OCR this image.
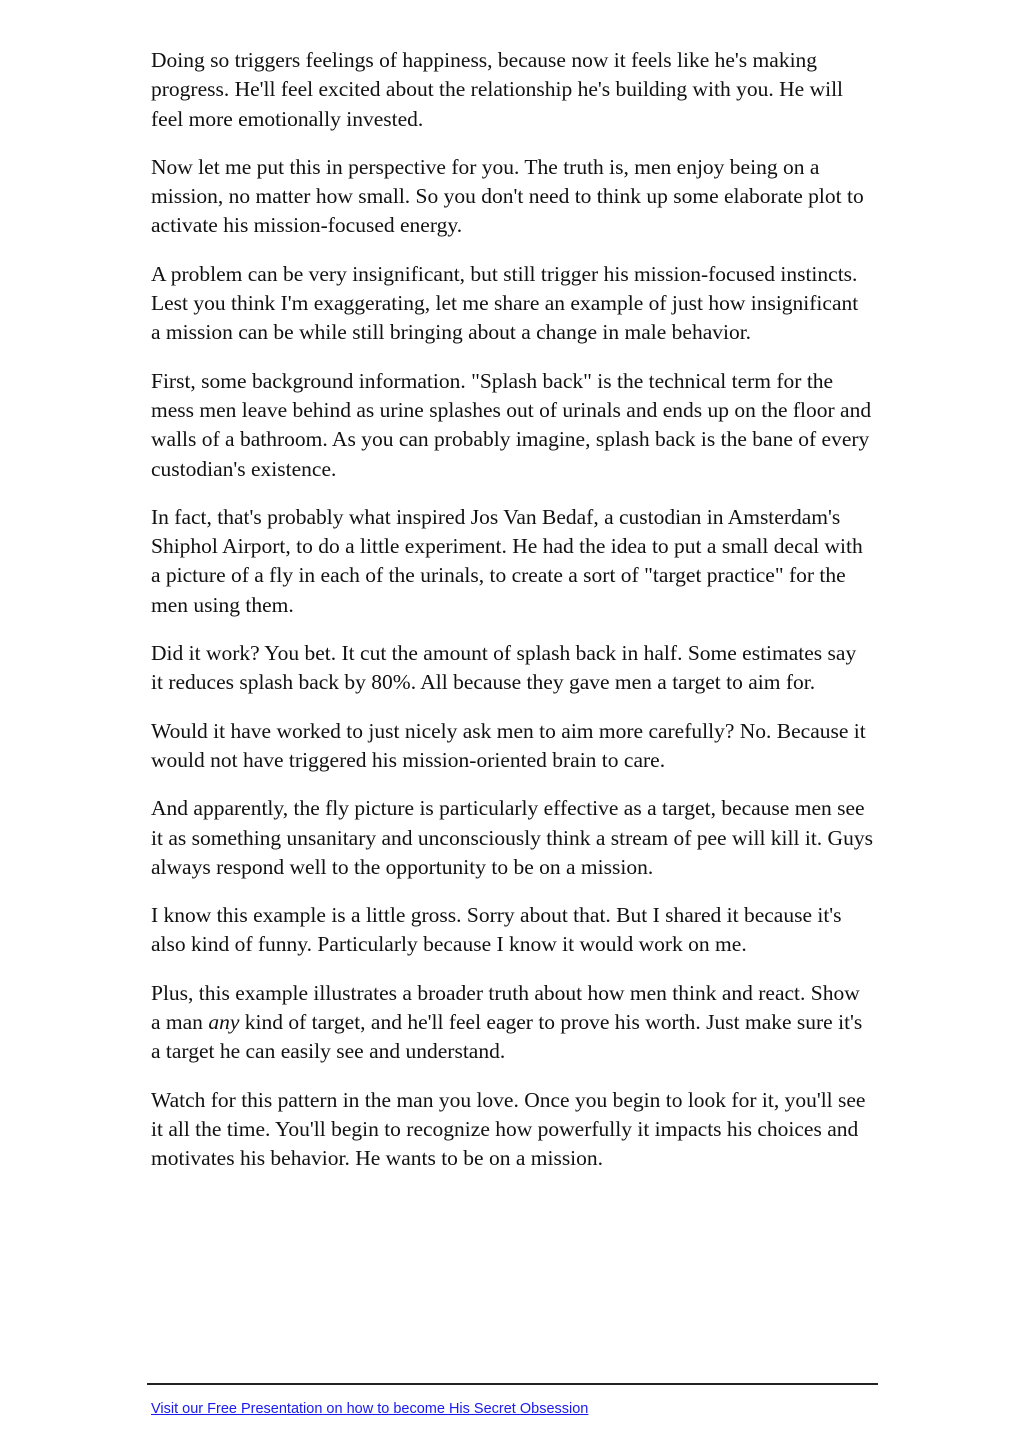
Doing so triggers feelings of happiness, because now it feels like he's making progress. He'll feel excited about the relationship he's building with you. He will feel more emotionally invested.

Now let me put this in perspective for you. The truth is, men enjoy being on a mission, no matter how small. So you don't need to think up some elaborate plot to activate his mission-focused energy.

A problem can be very insignificant, but still trigger his mission-focused instincts. Lest you think I'm exaggerating, let me share an example of just how insignificant a mission can be while still bringing about a change in male behavior.

First, some background information. "Splash back" is the technical term for the mess men leave behind as urine splashes out of urinals and ends up on the floor and walls of a bathroom. As you can probably imagine, splash back is the bane of every custodian's existence.

In fact, that's probably what inspired Jos Van Bedaf, a custodian in Amsterdam's Shiphol Airport, to do a little experiment. He had the idea to put a small decal with a picture of a fly in each of the urinals, to create a sort of "target practice" for the men using them.

Did it work? You bet. It cut the amount of splash back in half. Some estimates say it reduces splash back by 80%. All because they gave men a target to aim for.

Would it have worked to just nicely ask men to aim more carefully? No. Because it would not have triggered his mission-oriented brain to care.

And apparently, the fly picture is particularly effective as a target, because men see it as something unsanitary and unconsciously think a stream of pee will kill it. Guys always respond well to the opportunity to be on a mission.

I know this example is a little gross. Sorry about that. But I shared it because it's also kind of funny. Particularly because I know it would work on me.

Plus, this example illustrates a broader truth about how men think and react. Show a man any kind of target, and he'll feel eager to prove his worth. Just make sure it's a target he can easily see and understand.

Watch for this pattern in the man you love. Once you begin to look for it, you'll see it all the time. You'll begin to recognize how powerfully it impacts his choices and motivates his behavior. He wants to be on a mission.

Visit our Free Presentation on how to become His Secret Obsession
